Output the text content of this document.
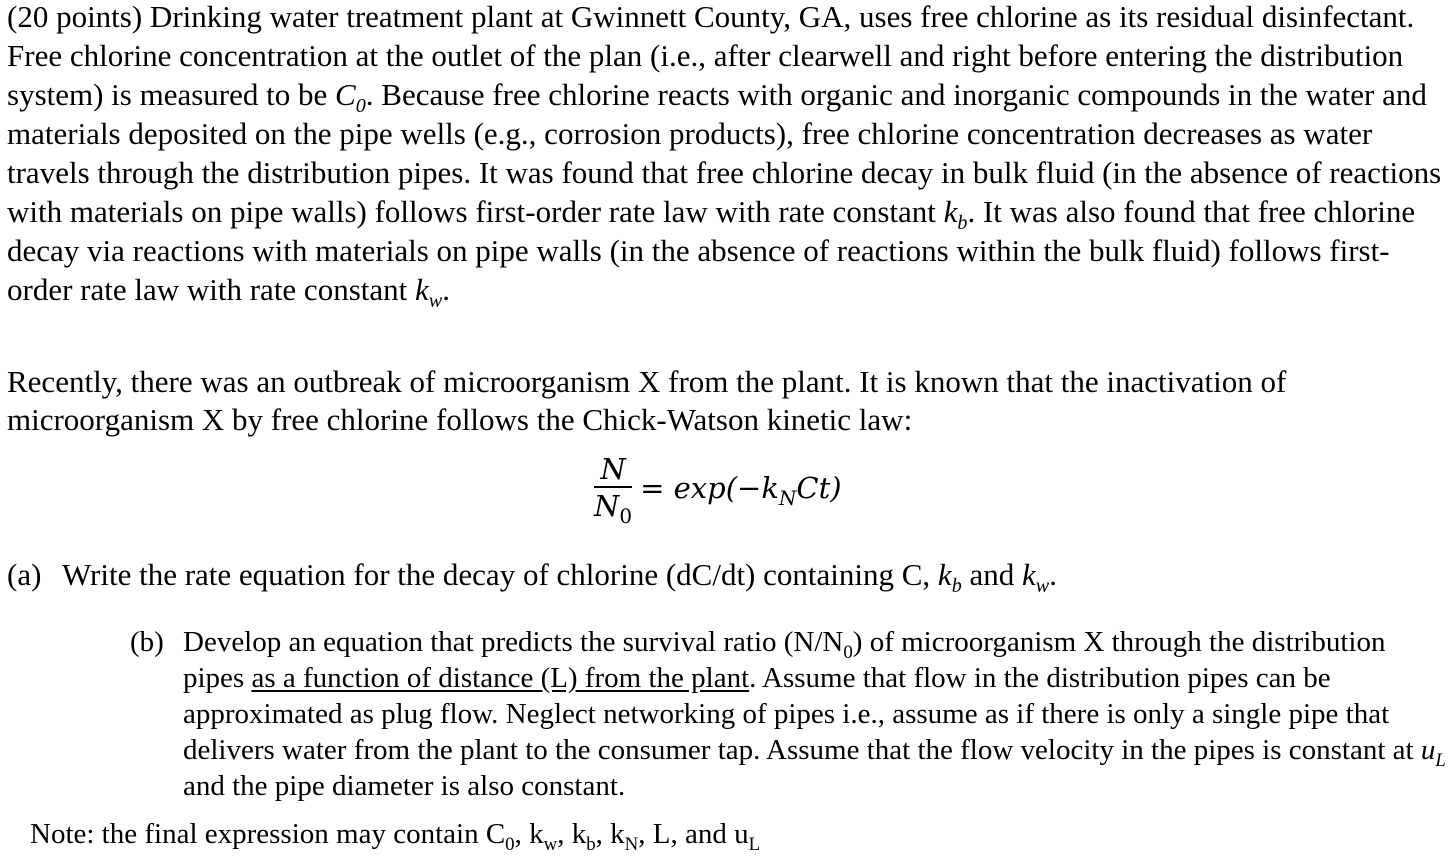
(20 points) Drinking water treatment plant at Gwinnett County, GA, uses free chlorine as its residual disinfectant. Free chlorine concentration at the outlet of the plan (i.e., after clearwell and right before entering the distribution system) is measured to be $C_0$. Because free chlorine reacts with organic and inorganic compounds in the water and materials deposited on the pipe wells (e.g., corrosion products), free chlorine concentration decreases as water travels through the distribution pipes. It was found that free chlorine decay in bulk fluid (in the absence of reactions with materials on pipe walls) follows first-order rate law with rate constant $k_b$. It was also found that free chlorine decay via reactions with materials on pipe walls (in the absence of reactions within the bulk fluid) follows first-order rate law with rate constant $k_w$.

Recently, there was an outbreak of microorganism X from the plant. It is known that the inactivation of microorganism X by free chlorine follows the Chick-Watson kinetic law:

$\frac{N}{N_0} = \exp(-k_NCt)$
(a) Write the rate equation for the decay of chlorine (dC/dt) containing C, $k_b$ and $k_w$.
(b) Develop an equation that predicts the survival ratio $(N/N_0)$ of microorganism X through the distribution pipes as a function of distance (L) from the plant. Assume that flow in the distribution pipes can be approximated as plug flow. Neglect networking of pipes i.e., assume as if there is only a single pipe that delivers water from the plant to the consumer tap. Assume that the flow velocity in the pipes is constant at $u_L$ and the pipe diameter is also constant.
Note: the final expression may contain $C_0$, $k_w$, $k_b$, $k_N$, L, and $u_L$
